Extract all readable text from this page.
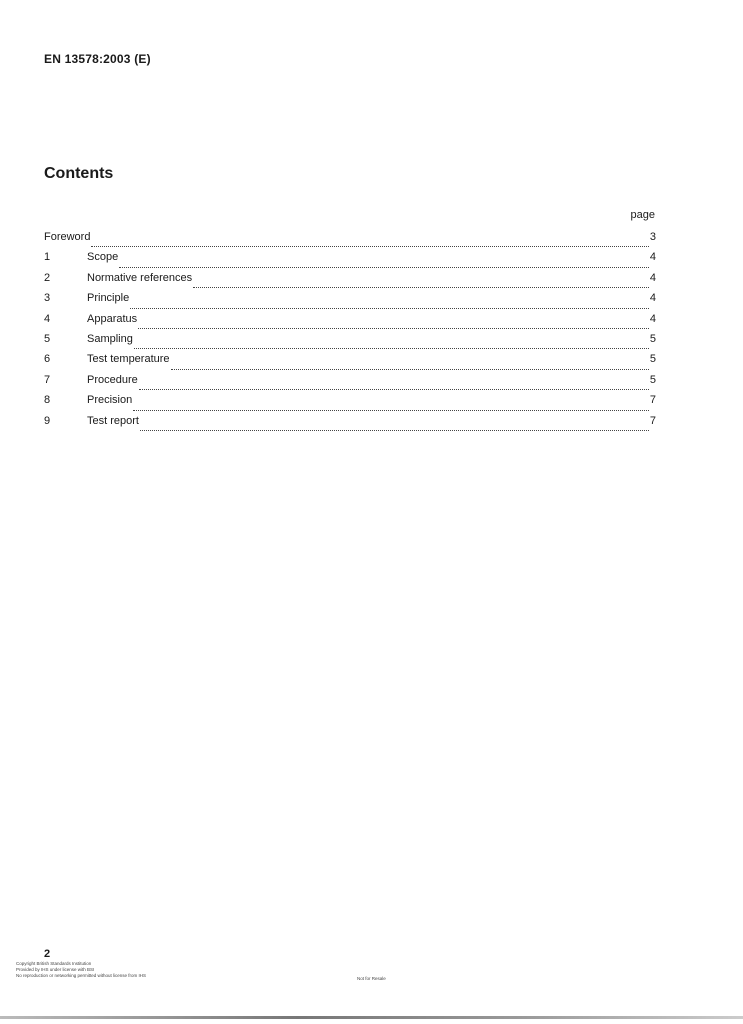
EN 13578:2003 (E)
Contents
page
Foreword	3
1	Scope	4
2	Normative references	4
3	Principle	4
4	Apparatus	4
5	Sampling	5
6	Test temperature	5
7	Procedure	5
8	Precision	7
9	Test report	7
2
Copyright British Standards Institution
Provided by IHS under license with BSI
No reproduction or networking permitted without license from IHS
Not for Resale
